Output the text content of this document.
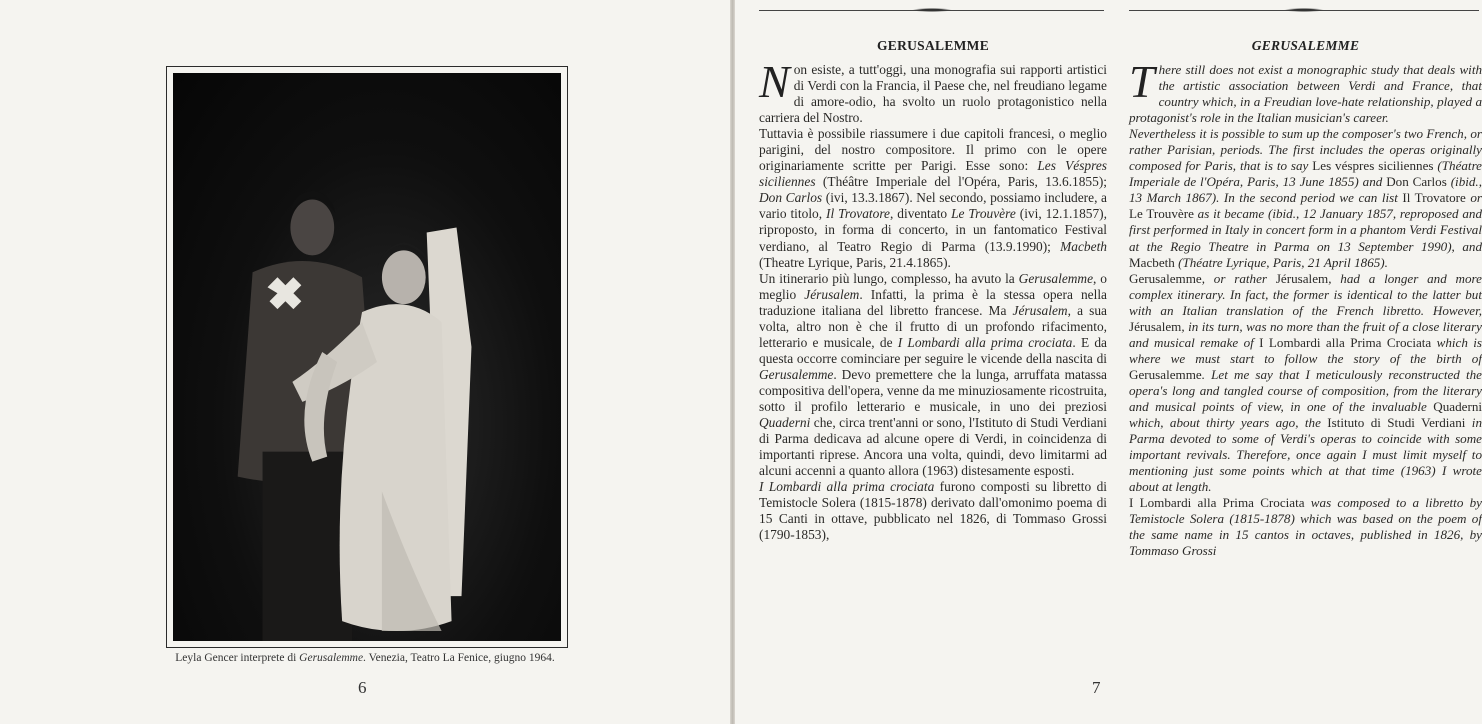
Leyla Gencer interprete di Gerusalemme. Venezia, Teatro La Fenice, giugno 1964.
6	7
GERUSALEMME

Non esiste, a tutt'oggi, una monografia sui rapporti artistici di Verdi con la Francia, il Paese che, nel freudiano legame di amore-odio, ha svolto un ruolo protagonistico nella carriera del Nostro.

Tuttavia è possibile riassumere i due capitoli francesi, o meglio parigini, del nostro compositore. Il primo con le opere originariamente scritte per Parigi. Esse sono: Les Véspres siciliennes (Théâtre Imperiale del l'Opéra, Paris, 13.6.1855); Don Carlos (ivi, 13.3.1867). Nel secondo, possiamo includere, a vario titolo, Il Trovatore, diventato Le Trouvère (ivi, 12.1.1857), riproposto, in forma di concerto, in un fantomatico Festival verdiano, al Teatro Regio di Parma (13.9.1990); Macbeth (Theatre Lyrique, Paris, 21.4.1865).

Un itinerario più lungo, complesso, ha avuto la Gerusalemme, o meglio Jérusalem. Infatti, la prima è la stessa opera nella traduzione italiana del libretto francese. Ma Jérusalem, a sua volta, altro non è che il frutto di un profondo rifacimento, letterario e musicale, de I Lombardi alla prima crociata. E da questa occorre cominciare per seguire le vicende della nascita di Gerusalemme. Devo premettere che la lunga, arruffata matassa compositiva dell'opera, venne da me minuziosamente ricostruita, sotto il profilo letterario e musicale, in uno dei preziosi Quaderni che, circa trent'anni or sono, l'Istituto di Studi Verdiani di Parma dedicava ad alcune opere di Verdi, in coincidenza di importanti riprese. Ancora una volta, quindi, devo limitarmi ad alcuni accenni a quanto allora (1963) distesamente esposti.

I Lombardi alla prima crociata furono composti su libretto di Temistocle Solera (1815-1878) derivato dall'omonimo poema di 15 Canti in ottave, pubblicato nel 1826, di Tommaso Grossi (1790-1853),

GERUSALEMME

There still does not exist a monographic study that deals with the artistic association between Verdi and France, that country which, in a Freudian love-hate relationship, played a protagonist's role in the Italian musician's career.

Nevertheless it is possible to sum up the composer's two French, or rather Parisian, periods. The first includes the operas originally composed for Paris, that is to say Les véspres siciliennes (Théatre Imperiale de l'Opéra, Paris, 13 June 1855) and Don Carlos (ibid., 13 March 1867). In the second period we can list Il Trovatore or Le Trouvère as it became (ibid., 12 January 1857, reproposed and first performed in Italy in concert form in a phantom Verdi Festival at the Regio Theatre in Parma on 13 September 1990), and Macbeth (Théatre Lyrique, Paris, 21 April 1865).

Gerusalemme, or rather Jérusalem, had a longer and more complex itinerary. In fact, the former is identical to the latter but with an Italian translation of the French libretto. However, Jérusalem, in its turn, was no more than the fruit of a close literary and musical remake of I Lombardi alla Prima Crociata which is where we must start to follow the story of the birth of Gerusalemme. Let me say that I meticulously reconstructed the opera's long and tangled course of composition, from the literary and musical points of view, in one of the invaluable Quaderni which, about thirty years ago, the Istituto di Studi Verdiani in Parma devoted to some of Verdi's operas to coincide with some important revivals. Therefore, once again I must limit myself to mentioning just some points which at that time (1963) I wrote about at length.

I Lombardi alla Prima Crociata was composed to a libretto by Temistocle Solera (1815-1878) which was based on the poem of the same name in 15 cantos in octaves, published in 1826, by Tommaso Grossi
